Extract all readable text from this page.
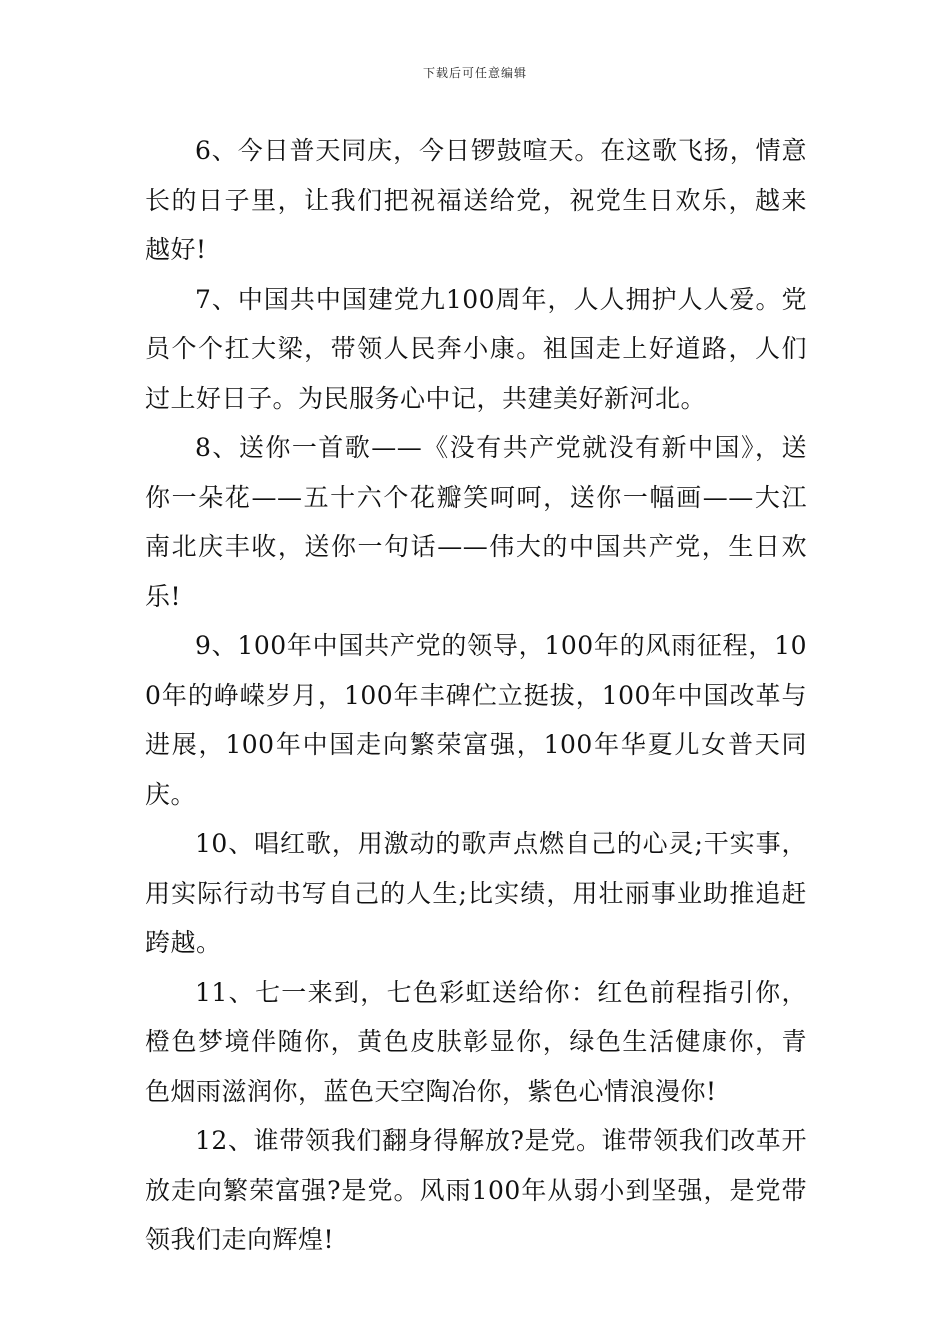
下载后可任意编辑

6、今日普天同庆，今日锣鼓喧天。在这歌飞扬，情意长的日子里，让我们把祝福送给党，祝党生日欢乐，越来越好!

7、中国共中国建党九100周年，人人拥护人人爱。党员个个扛大梁，带领人民奔小康。祖国走上好道路，人们过上好日子。为民服务心中记，共建美好新河北。

8、送你一首歌——《没有共产党就没有新中国》，送你一朵花——五十六个花瓣笑呵呵，送你一幅画——大江南北庆丰收，送你一句话——伟大的中国共产党，生日欢乐!

9、100年中国共产党的领导，100年的风雨征程，100年的峥嵘岁月，100年丰碑伫立挺拔，100年中国改革与进展，100年中国走向繁荣富强，100年华夏儿女普天同庆。

10、唱红歌，用激动的歌声点燃自己的心灵;干实事，用实际行动书写自己的人生;比实绩，用壮丽事业助推追赶跨越。

11、七一来到，七色彩虹送给你：红色前程指引你，橙色梦境伴随你，黄色皮肤彰显你，绿色生活健康你，青色烟雨滋润你，蓝色天空陶冶你，紫色心情浪漫你!

12、谁带领我们翻身得解放?是党。谁带领我们改革开放走向繁荣富强?是党。风雨100年从弱小到坚强，是党带领我们走向辉煌!
